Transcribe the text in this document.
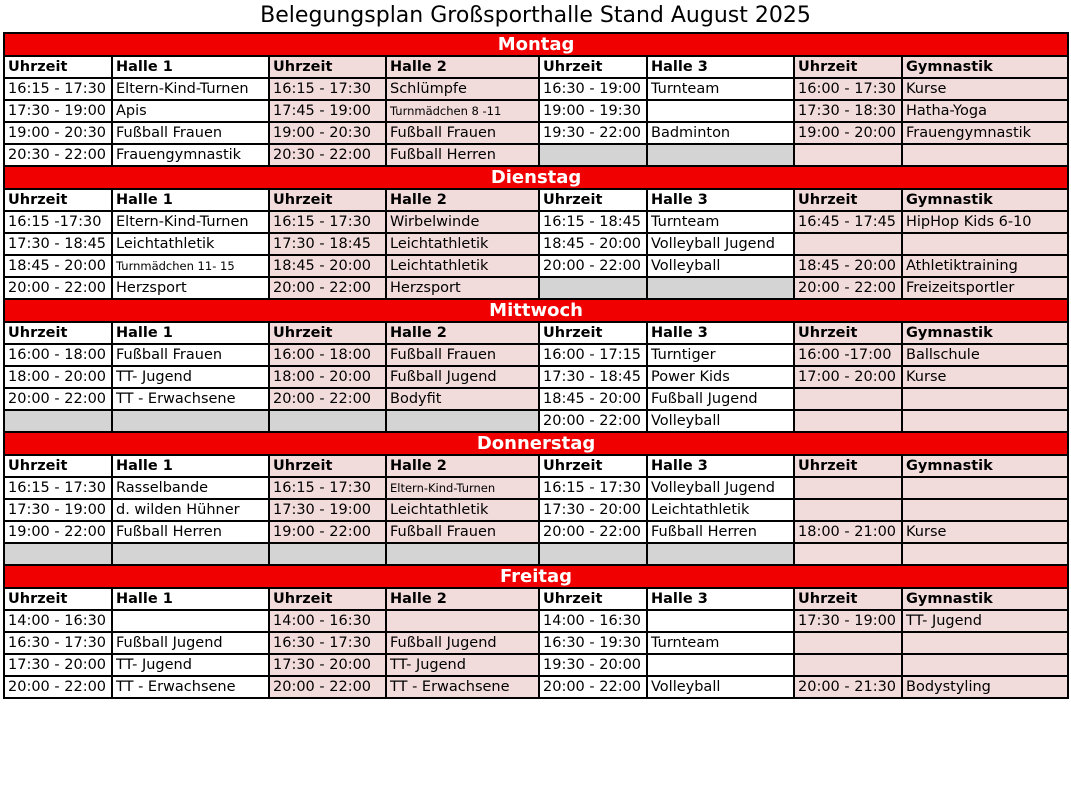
Belegungsplan Großsporthalle Stand August 2025
Montag							
Uhrzeit	Halle 1	Uhrzeit	Halle 2	Uhrzeit	Halle 3	Uhrzeit	Gymnastik
16:15 - 17:30	Eltern-Kind-Turnen	16:15 - 17:30	Schlümpfe	16:30 - 19:00	Turnteam	16:00 - 17:30	Kurse
17:30 - 19:00	Apis	17:45 - 19:00	Turnmädchen 8 -11	19:00 - 19:30		17:30 - 18:30	Hatha-Yoga
19:00 - 20:30	Fußball Frauen	19:00 - 20:30	Fußball Frauen	19:30 - 22:00	Badminton	19:00 - 20:00	Frauengymnastik
20:30 - 22:00	Frauengymnastik	20:30 - 22:00	Fußball Herren				
Dienstag							
Uhrzeit	Halle 1	Uhrzeit	Halle 2	Uhrzeit	Halle 3	Uhrzeit	Gymnastik
16:15 -17:30	Eltern-Kind-Turnen	16:15 - 17:30	Wirbelwinde	16:15 - 18:45	Turnteam	16:45 - 17:45	HipHop Kids 6-10
17:30 - 18:45	Leichtathletik	17:30 - 18:45	Leichtathletik	18:45 - 20:00	Volleyball Jugend		
18:45 - 20:00	Turnmädchen 11- 15	18:45 - 20:00	Leichtathletik	20:00 - 22:00	Volleyball	18:45 - 20:00	Athletiktraining
20:00 - 22:00	Herzsport	20:00 - 22:00	Herzsport			20:00 - 22:00	Freizeitsportler
Mittwoch							
Uhrzeit	Halle 1	Uhrzeit	Halle 2	Uhrzeit	Halle 3	Uhrzeit	Gymnastik
16:00 - 18:00	Fußball Frauen	16:00 - 18:00	Fußball Frauen	16:00 - 17:15	Turntiger	16:00 -17:00	Ballschule
18:00 - 20:00	TT- Jugend	18:00 - 20:00	Fußball Jugend	17:30 - 18:45	Power Kids	17:00 - 20:00	Kurse
20:00 - 22:00	TT - Erwachsene	20:00 - 22:00	Bodyfit	18:45 - 20:00	Fußball Jugend		
				20:00 - 22:00	Volleyball		
Donnerstag							
Uhrzeit	Halle 1	Uhrzeit	Halle 2	Uhrzeit	Halle 3	Uhrzeit	Gymnastik
16:15 - 17:30	Rasselbande	16:15 - 17:30	Eltern-Kind-Turnen	16:15 - 17:30	Volleyball Jugend		
17:30 - 19:00	d. wilden Hühner	17:30 - 19:00	Leichtathletik	17:30 - 20:00	Leichtathletik		
19:00 - 22:00	Fußball Herren	19:00 - 22:00	Fußball Frauen	20:00 - 22:00	Fußball Herren	18:00 - 21:00	Kurse

Freitag							
Uhrzeit	Halle 1	Uhrzeit	Halle 2	Uhrzeit	Halle 3	Uhrzeit	Gymnastik
14:00 - 16:30		14:00 - 16:30		14:00 - 16:30		17:30 - 19:00	TT- Jugend
16:30 - 17:30	Fußball Jugend	16:30 - 17:30	Fußball Jugend	16:30 - 19:30	Turnteam		
17:30 - 20:00	TT- Jugend	17:30 - 20:00	TT- Jugend	19:30 - 20:00			
20:00 - 22:00	TT - Erwachsene	20:00 - 22:00	TT - Erwachsene	20:00 - 22:00	Volleyball	20:00 - 21:30	Bodystyling
